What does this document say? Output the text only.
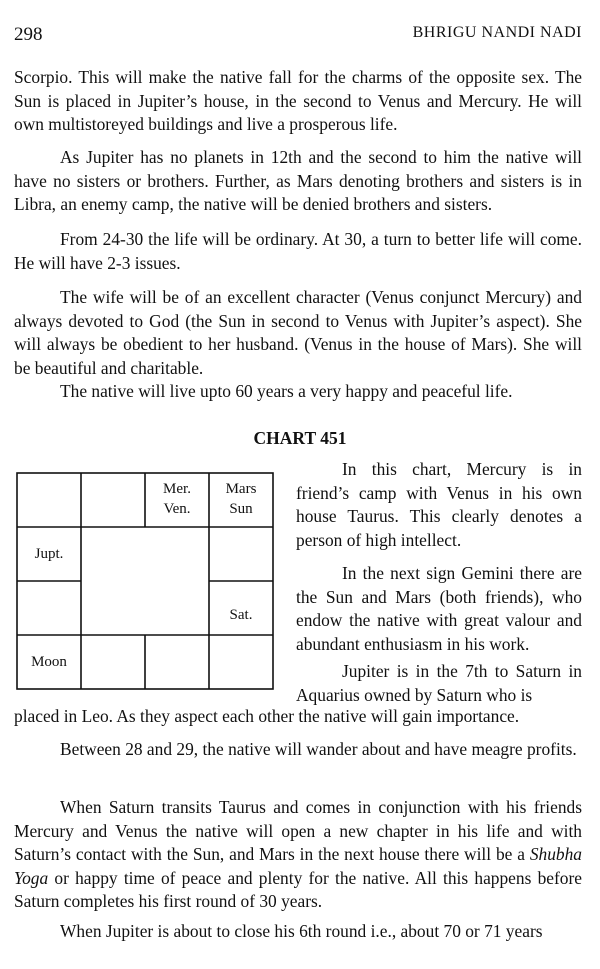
298	BHRIGU NANDI NADI

Scorpio. This will make the native fall for the charms of the opposite sex. The Sun is placed in Jupiter’s house, in the second to Venus and Mercury. He will own multistoreyed buildings and live a prosperous life.

As Jupiter has no planets in 12th and the second to him the native will have no sisters or brothers. Further, as Mars denoting brothers and sisters is in Libra, an enemy camp, the native will be denied brothers and sisters.

From 24-30 the life will be ordinary. At 30, a turn to better life will come. He will have 2-3 issues.

The wife will be of an excellent character (Venus conjunct Mercury) and always devoted to God (the Sun in second to Venus with Jupiter’s aspect). She will always be obedient to her husband. (Venus in the house of Mars). She will be beautiful and charitable.

The native will live upto 60 years a very happy and peaceful life.

CHART 451
Mer.
Ven.
Mars
Sun
Jupt.
Sat.
Moon

In this chart, Mercury is in friend’s camp with Venus in his own house Taurus. This clearly denotes a person of high intellect.

In the next sign Gemini there are the Sun and Mars (both friends), who endow the native with great valour and abundant enthusiasm in his work.

Jupiter is in the 7th to Saturn in Aquarius owned by Saturn who is

placed in Leo. As they aspect each other the native will gain importance.

Between 28 and 29, the native will wander about and have meagre profits.

When Saturn transits Taurus and comes in conjunction with his friends Mercury and Venus the native will open a new chapter in his life and with Saturn’s contact with the Sun, and Mars in the next house there will be a Shubha Yoga or happy time of peace and plenty for the native. All this happens before Saturn completes his first round of 30 years.

When Jupiter is about to close his 6th round i.e., about 70 or 71 years
